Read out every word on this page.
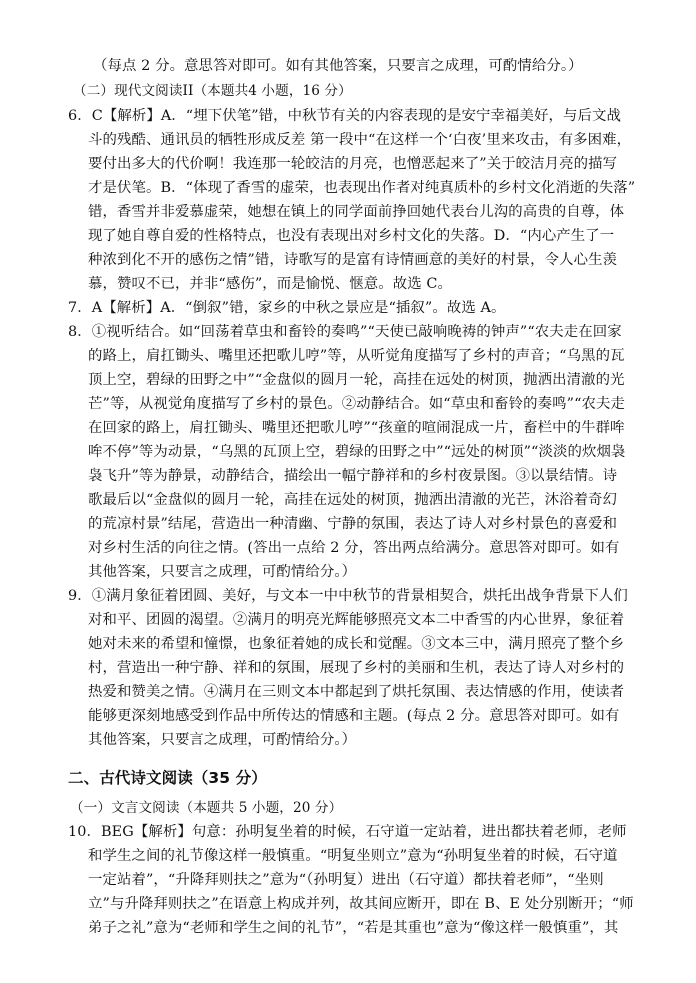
（每点 2 分。意思答对即可。如有其他答案，只要言之成理，可酌情给分。）
（二）现代文阅读II（本题共4 小题，16 分）
6．C【解析】A．“埋下伏笔”错，中秋节有关的内容表现的是安宁幸福美好，与后文战
斗的残酷、通讯员的牺牲形成反差 第一段中“在这样一个‘白夜’里来攻击，有多困难，
要付出多大的代价啊！我连那一轮皎洁的月亮，也憎恶起来了”关于皎洁月亮的描写
才是伏笔。B．“体现了香雪的虚荣，也表现出作者对纯真质朴的乡村文化消逝的失落”
错，香雪并非爱慕虚荣，她想在镇上的同学面前挣回她代表台儿沟的高贵的自尊，体
现了她自尊自爱的性格特点，也没有表现出对乡村文化的失落。D．“内心产生了一
种浓到化不开的感伤之情”错，诗歌写的是富有诗情画意的美好的村景，令人心生羡
慕，赞叹不已，并非“感伤”，而是愉悦、惬意。故选 C。
7．A【解析】A．“倒叙”错，家乡的中秋之景应是“插叙”。故选 A。
8．①视听结合。如“回荡着草虫和畜铃的奏鸣”“天使已敲响晚祷的钟声”“农夫走在回家
的路上，肩扛锄头、嘴里还把歌儿哼”等，从听觉角度描写了乡村的声音；“乌黑的瓦
顶上空，碧绿的田野之中”“金盘似的圆月一轮，高挂在远处的树顶，抛洒出清澈的光
芒”等，从视觉角度描写了乡村的景色。②动静结合。如“草虫和畜铃的奏鸣”“农夫走
在回家的路上，肩扛锄头、嘴里还把歌儿哼”“孩童的喧闹混成一片，畜栏中的牛群哞
哞不停”等为动景，“乌黑的瓦顶上空，碧绿的田野之中”“远处的树顶”“淡淡的炊烟袅
袅飞升”等为静景，动静结合，描绘出一幅宁静祥和的乡村夜景图。③以景结情。诗
歌最后以“金盘似的圆月一轮，高挂在远处的树顶，抛洒出清澈的光芒，沐浴着奇幻
的荒凉村景”结尾，营造出一种清幽、宁静的氛围，表达了诗人对乡村景色的喜爱和
对乡村生活的向往之情。(答出一点给 2 分，答出两点给满分。意思答对即可。如有
其他答案，只要言之成理，可酌情给分。）
9．①满月象征着团圆、美好，与文本一中中秋节的背景相契合，烘托出战争背景下人们
对和平、团圆的渴望。②满月的明亮光辉能够照亮文本二中香雪的内心世界，象征着
她对未来的希望和憧憬，也象征着她的成长和觉醒。③文本三中，满月照亮了整个乡
村，营造出一种宁静、祥和的氛围，展现了乡村的美丽和生机，表达了诗人对乡村的
热爱和赞美之情。④满月在三则文本中都起到了烘托氛围、表达情感的作用，使读者
能够更深刻地感受到作品中所传达的情感和主题。(每点 2 分。意思答对即可。如有
其他答案，只要言之成理，可酌情给分。）
二、古代诗文阅读（35 分）
（一）文言文阅读（本题共 5 小题，20 分）
10．BEG【解析】句意：孙明复坐着的时候，石守道一定站着，进出都扶着老师，老师
和学生之间的礼节像这样一般慎重。“明复坐则立”意为“孙明复坐着的时候，石守道
一定站着”，“升降拜则扶之”意为“（孙明复）进出（石守道）都扶着老师”，“坐则
立”与升降拜则扶之”在语意上构成并列，故其间应断开，即在 B、E 处分别断开；“师
弟子之礼”意为“老师和学生之间的礼节”，“若是其重也”意为“像这样一般慎重”，其
